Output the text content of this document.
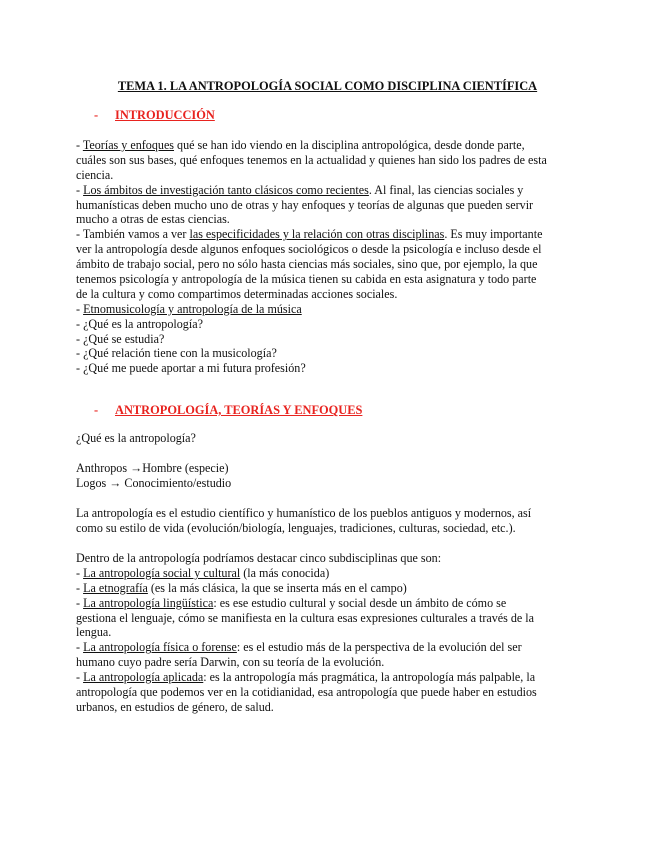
TEMA 1. LA ANTROPOLOGÍA SOCIAL COMO DISCIPLINA CIENTÍFICA
- INTRODUCCIÓN
- Teorías y enfoques qué se han ido viendo en la disciplina antropológica, desde donde parte,
cuáles son sus bases, qué enfoques tenemos en la actualidad y quienes han sido los padres de esta
ciencia.
- Los ámbitos de investigación tanto clásicos como recientes. Al final, las ciencias sociales y
humanísticas deben mucho uno de otras y hay enfoques y teorías de algunas que pueden servir
mucho a otras de estas ciencias.
- También vamos a ver las especificidades y la relación con otras disciplinas. Es muy importante
ver la antropología desde algunos enfoques sociológicos o desde la psicología e incluso desde el
ámbito de trabajo social, pero no sólo hasta ciencias más sociales, sino que, por ejemplo, la que
tenemos psicología y antropología de la música tienen su cabida en esta asignatura y todo parte
de la cultura y como compartimos determinadas acciones sociales.
- Etnomusicología y antropología de la música
- ¿Qué es la antropología?
- ¿Qué se estudia?
- ¿Qué relación tiene con la musicología?
- ¿Qué me puede aportar a mi futura profesión?
- ANTROPOLOGÍA, TEORÍAS Y ENFOQUES
¿Qué es la antropología?
Anthropos →Hombre (especie)
Logos → Conocimiento/estudio
La antropología es el estudio científico y humanístico de los pueblos antiguos y modernos, así
como su estilo de vida (evolución/biología, lenguajes, tradiciones, culturas, sociedad, etc.).
Dentro de la antropología podríamos destacar cinco subdisciplinas que son:
- La antropología social y cultural (la más conocida)
- La etnografía (es la más clásica, la que se inserta más en el campo)
- La antropología lingüística: es ese estudio cultural y social desde un ámbito de cómo se
gestiona el lenguaje, cómo se manifiesta en la cultura esas expresiones culturales a través de la
lengua.
- La antropología física o forense: es el estudio más de la perspectiva de la evolución del ser
humano cuyo padre sería Darwin, con su teoría de la evolución.
- La antropología aplicada: es la antropología más pragmática, la antropología más palpable, la
antropología que podemos ver en la cotidianidad, esa antropología que puede haber en estudios
urbanos, en estudios de género, de salud.
